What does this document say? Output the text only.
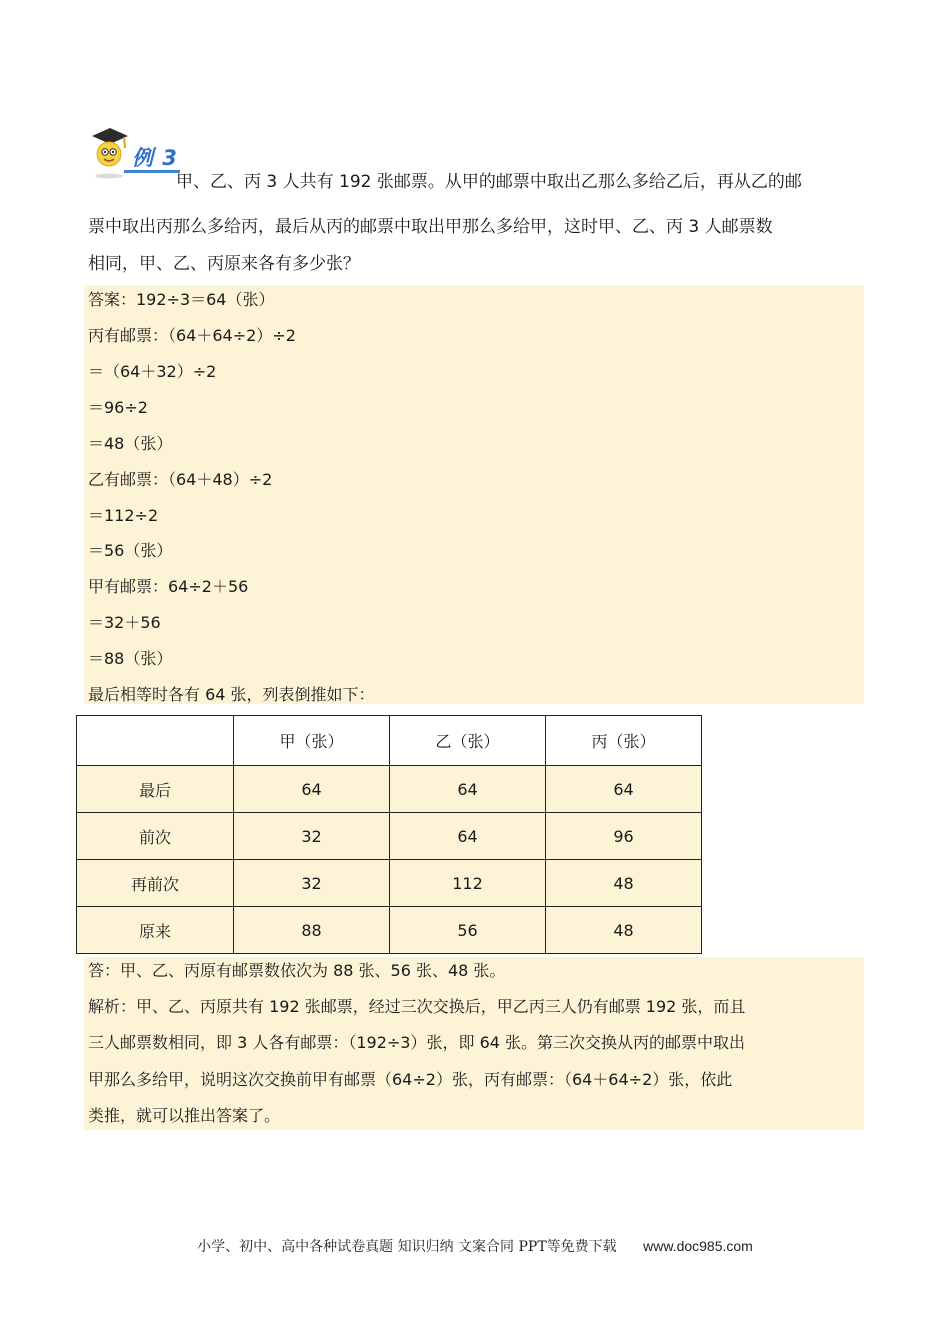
例 3
甲、乙、丙 3 人共有 192 张邮票。从甲的邮票中取出乙那么多给乙后，再从乙的邮
票中取出丙那么多给丙，最后从丙的邮票中取出甲那么多给甲，这时甲、乙、丙 3 人邮票数
相同，甲、乙、丙原来各有多少张？
答案：192÷3＝64（张）
丙有邮票：（64＋64÷2）÷2
＝（64＋32）÷2
＝96÷2
＝48（张）
乙有邮票：（64＋48）÷2
＝112÷2
＝56（张）
甲有邮票：64÷2＋56
＝32＋56
＝88（张）
最后相等时各有 64 张，列表倒推如下：
	甲（张）	乙（张）	丙（张）
最后	64	64	64
前次	32	64	96
再前次	32	112	48
原来	88	56	48
答：甲、乙、丙原有邮票数依次为 88 张、56 张、48 张。
解析：甲、乙、丙原共有 192 张邮票，经过三次交换后，甲乙丙三人仍有邮票 192 张，而且
三人邮票数相同，即 3 人各有邮票：（192÷3）张，即 64 张。第三次交换从丙的邮票中取出
甲那么多给甲，说明这次交换前甲有邮票（64÷2）张，丙有邮票：（64＋64÷2）张，依此
类推，就可以推出答案了。
小学、初中、高中各种试卷真题 知识归纳 文案合同 PPT等免费下载 www.doc985.com
